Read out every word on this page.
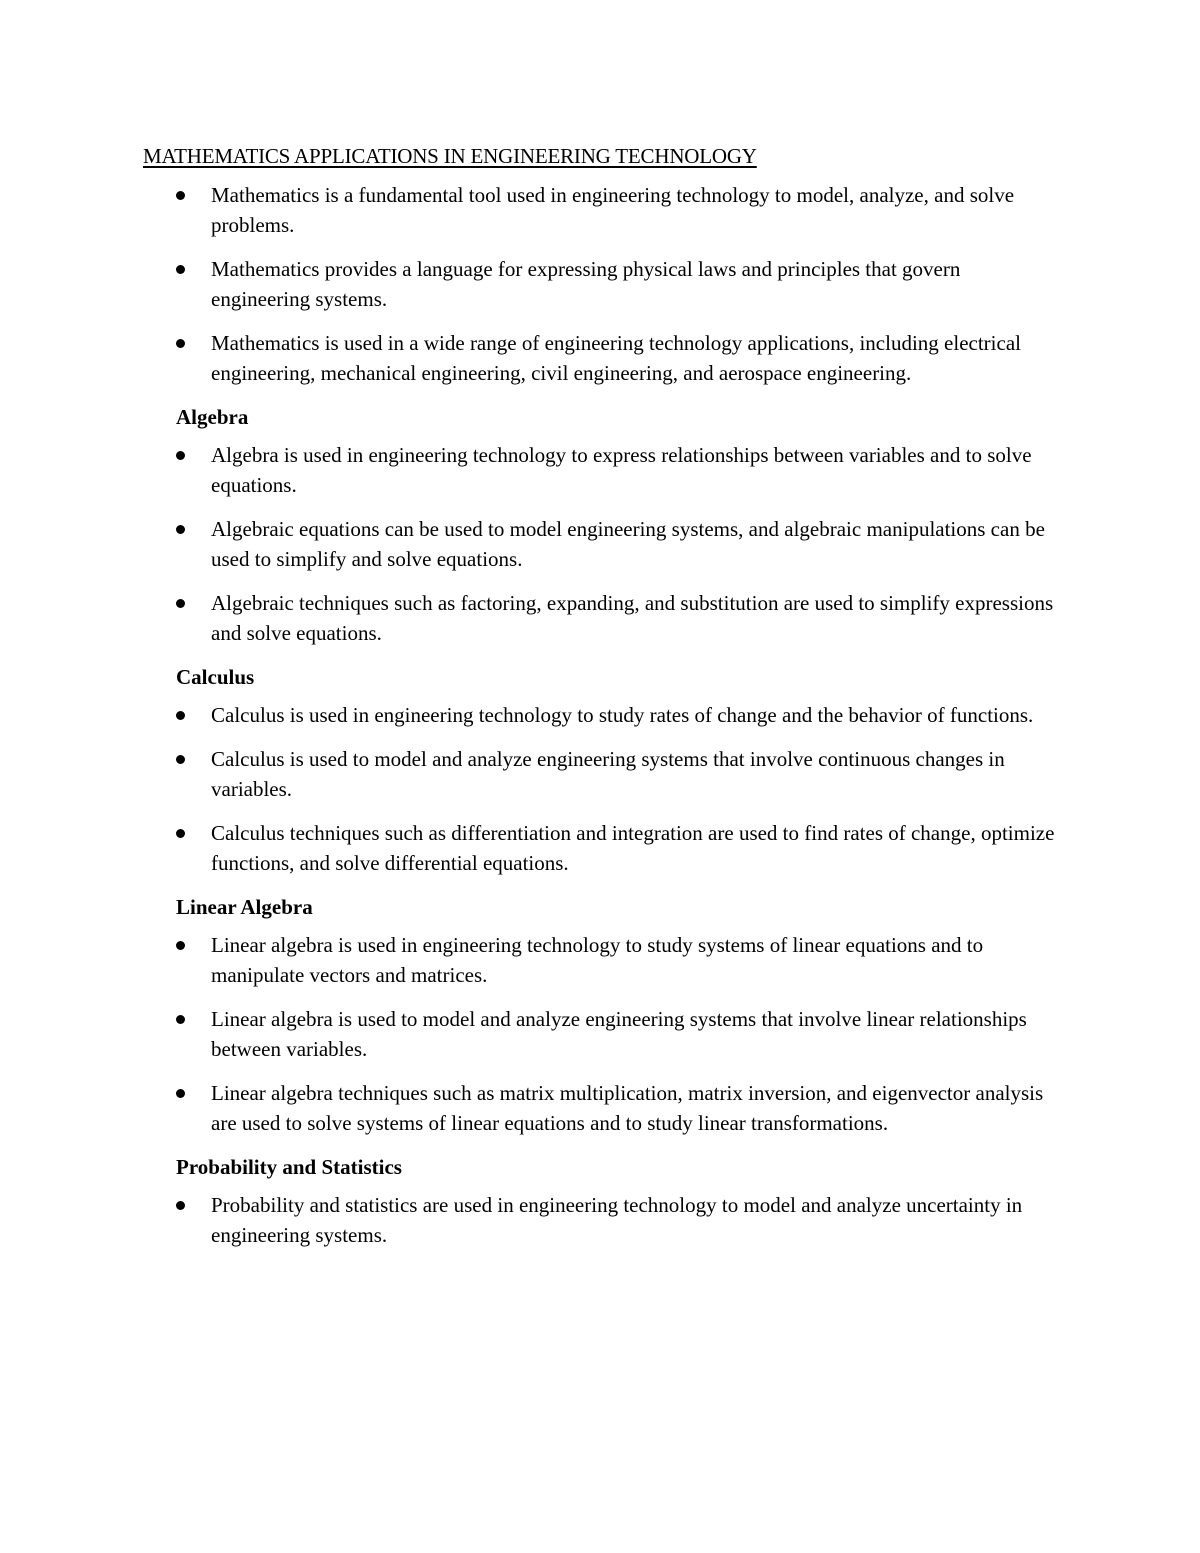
MATHEMATICS APPLICATIONS IN ENGINEERING TECHNOLOGY
Mathematics is a fundamental tool used in engineering technology to model, analyze, and solve problems.
Mathematics provides a language for expressing physical laws and principles that govern engineering systems.
Mathematics is used in a wide range of engineering technology applications, including electrical engineering, mechanical engineering, civil engineering, and aerospace engineering.
Algebra
Algebra is used in engineering technology to express relationships between variables and to solve equations.
Algebraic equations can be used to model engineering systems, and algebraic manipulations can be used to simplify and solve equations.
Algebraic techniques such as factoring, expanding, and substitution are used to simplify expressions and solve equations.
Calculus
Calculus is used in engineering technology to study rates of change and the behavior of functions.
Calculus is used to model and analyze engineering systems that involve continuous changes in variables.
Calculus techniques such as differentiation and integration are used to find rates of change, optimize functions, and solve differential equations.
Linear Algebra
Linear algebra is used in engineering technology to study systems of linear equations and to manipulate vectors and matrices.
Linear algebra is used to model and analyze engineering systems that involve linear relationships between variables.
Linear algebra techniques such as matrix multiplication, matrix inversion, and eigenvector analysis are used to solve systems of linear equations and to study linear transformations.
Probability and Statistics
Probability and statistics are used in engineering technology to model and analyze uncertainty in engineering systems.
